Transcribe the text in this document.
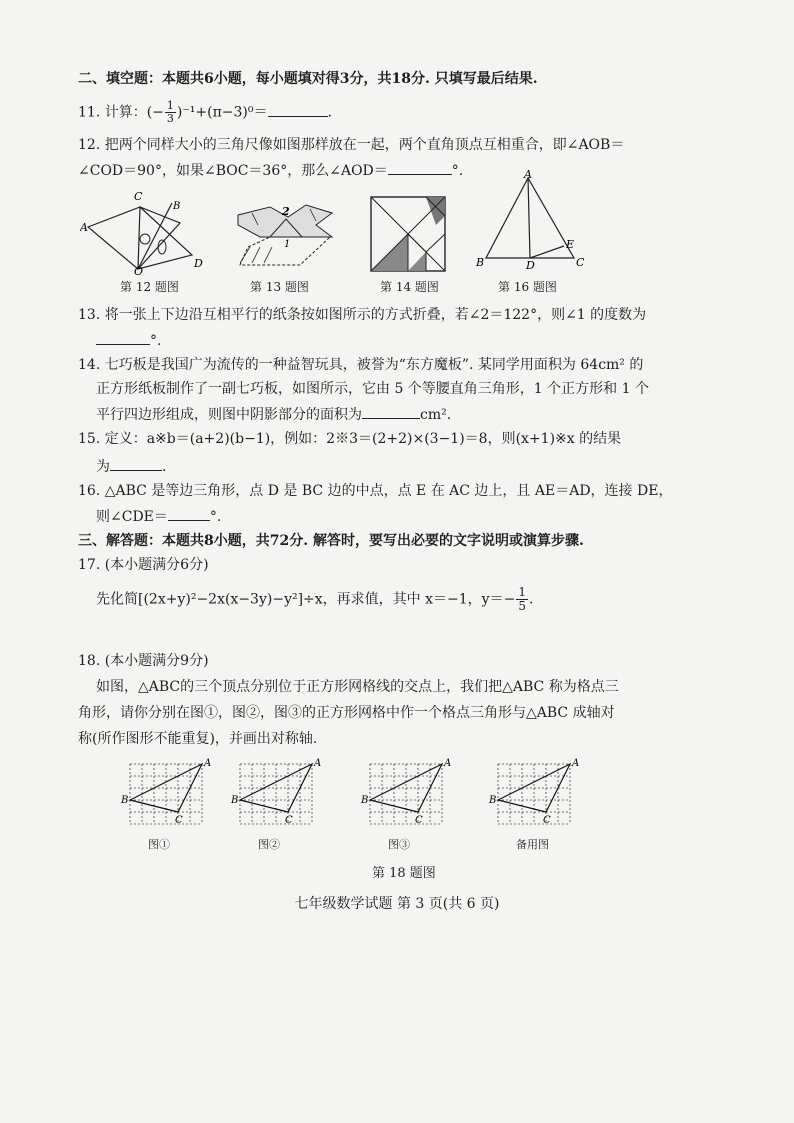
二、填空题：本题共6小题，每小题填对得3分，共18分. 只填写最后结果.
11. 计算：(− $\frac{1}{3} )^{-1}+(\pi-3)^0=$	.
12. 把两个同样大小的三角尺像如图那样放在一起，两个直角顶点互相重合，即∠AOB＝
∠COD＝90°，如果∠BOC＝36°，那么∠AOD＝	°.
C
B
A
O
D
第 12 题图
2
1
第 13 题图	第 14 题图
A
B	C
D
E
第 16 题图
13. 将一张上下边沿互相平行的纸条按如图所示的方式折叠，若∠2＝122°，则∠1 的度数为
°.
14. 七巧板是我国广为流传的一种益智玩具，被誉为“东方魔板”. 某同学用面积为 64cm² 的
正方形纸板制作了一副七巧板，如图所示，它由 5 个等腰直角三角形，1 个正方形和 1 个
平行四边形组成，则图中阴影部分的面积为	cm².
15. 定义：a※b＝(a+2)(b−1)，例如：2※3＝(2+2)×(3−1)＝8，则(x+1)※x 的结果
为	.
16. △ABC 是等边三角形，点 D 是 BC 边的中点，点 E 在 AC 边上，且 AE＝AD，连接 DE，
则∠CDE＝	°.
三、解答题：本题共8小题，共72分. 解答时，要写出必要的文字说明或演算步骤.
17. (本小题满分6分)
先化简[(2x+y)²−2x(x−3y)−y²]÷x，再求值，其中 x＝−1，$y=- \frac{1}{5}$ .
18. (本小题满分9分)
如图，△ABC的三个顶点分别位于正方形网格线的交点上，我们把△ABC 称为格点三
角形，请你分别在图①，图②，图③的正方形网格中作一个格点三角形与△ABC 成轴对
称(所作图形不能重复)，并画出对称轴.
A
B
C
图①
A
B
C
图②
A
B
C
图③
A
B
C
备用图
第 18 题图
七年级数学试题 第 3 页(共 6 页)
